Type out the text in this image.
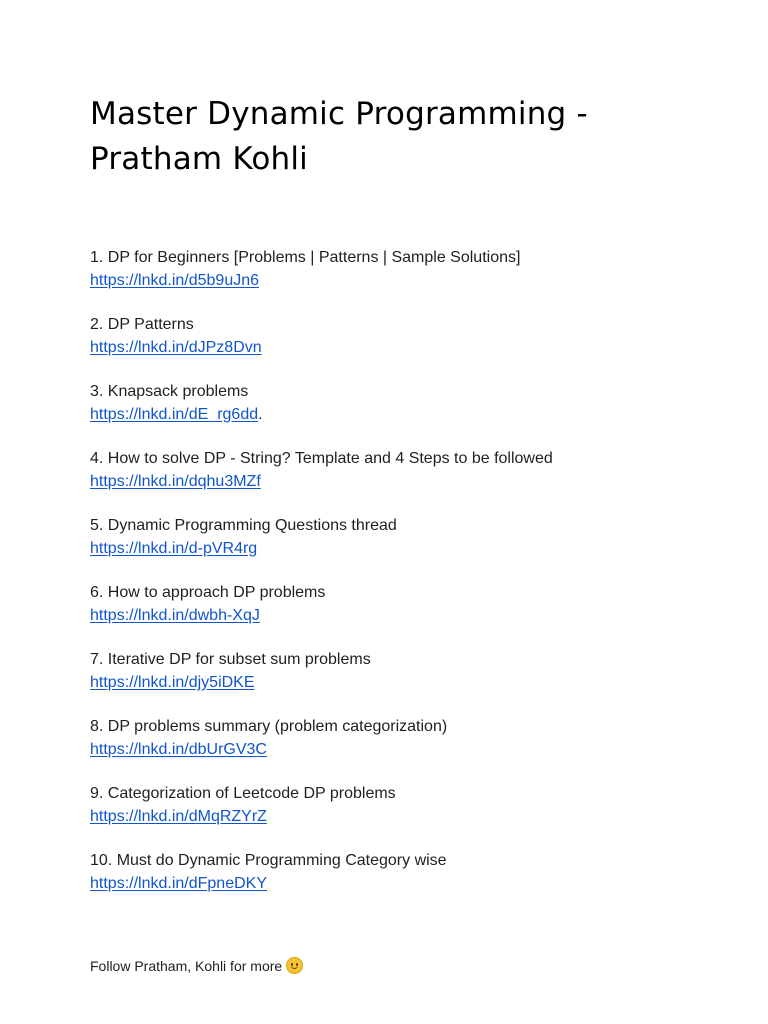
Master Dynamic Programming -
Pratham Kohli
1. DP for Beginners [Problems | Patterns | Sample Solutions]
https://lnkd.in/d5b9uJn6
2. DP Patterns
https://lnkd.in/dJPz8Dvn
3. Knapsack problems
https://lnkd.in/dE_rg6dd.
4. How to solve DP - String? Template and 4 Steps to be followed
https://lnkd.in/dqhu3MZf
5. Dynamic Programming Questions thread
https://lnkd.in/d-pVR4rg
6. How to approach DP problems
https://lnkd.in/dwbh-XqJ
7. Iterative DP for subset sum problems
https://lnkd.in/djy5iDKE
8. DP problems summary (problem categorization)
https://lnkd.in/dbUrGV3C
9. Categorization of Leetcode DP problems
https://lnkd.in/dMqRZYrZ
10. Must do Dynamic Programming Category wise
https://lnkd.in/dFpneDKY
Follow Pratham, Kohli for more
